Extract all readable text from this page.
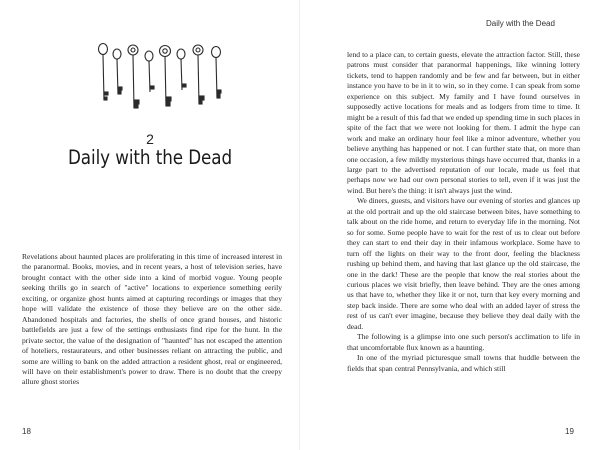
2
Daily with the Dead

Revelations about haunted places are proliferating in this time of increased interest in the paranormal. Books, movies, and in recent years, a host of television series, have brought contact with the other side into a kind of morbid vogue. Young people seeking thrills go in search of "active" locations to experience something eerily exciting, or organize ghost hunts aimed at capturing recordings or images that they hope will validate the existence of those they believe are on the other side. Abandoned hospitals and factories, the shells of once grand houses, and historic battlefields are just a few of the settings enthusiasts find ripe for the hunt. In the private sector, the value of the designation of "haunted" has not escaped the attention of hoteliers, restaurateurs, and other businesses reliant on attracting the public, and some are willing to bank on the added attraction a resident ghost, real or engineered, will have on their establishment's power to draw. There is no doubt that the creepy allure ghost stories

18
Daily with the Dead

lend to a place can, to certain guests, elevate the attraction factor. Still, these patrons must consider that paranormal happenings, like winning lottery tickets, tend to happen randomly and be few and far between, but in either instance you have to be in it to win, so in they come. I can speak from some experience on this subject. My family and I have found ourselves in supposedly active locations for meals and as lodgers from time to time. It might be a result of this fad that we ended up spending time in such places in spite of the fact that we were not looking for them. I admit the hype can work and make an ordinary hour feel like a minor adventure, whether you believe anything has happened or not. I can further state that, on more than one occasion, a few mildly mysterious things have occurred that, thanks in a large part to the advertised reputation of our locale, made us feel that perhaps now we had our own personal stories to tell, even if it was just the wind. But here's the thing: it isn't always just the wind.

We diners, guests, and visitors have our evening of stories and glances up at the old portrait and up the old staircase between bites, have something to talk about on the ride home, and return to everyday life in the morning. Not so for some. Some people have to wait for the rest of us to clear out before they can start to end their day in their infamous workplace. Some have to turn off the lights on their way to the front door, feeling the blackness rushing up behind them, and having that last glance up the old staircase, the one in the dark! These are the people that know the real stories about the curious places we visit briefly, then leave behind. They are the ones among us that have to, whether they like it or not, turn that key every morning and step back inside. There are some who deal with an added layer of stress the rest of us can't ever imagine, because they believe they deal daily with the dead.

The following is a glimpse into one such person's acclimation to life in that uncomfortable flux known as a haunting.

In one of the myriad picturesque small towns that huddle between the fields that span central Pennsylvania, and which still

19
